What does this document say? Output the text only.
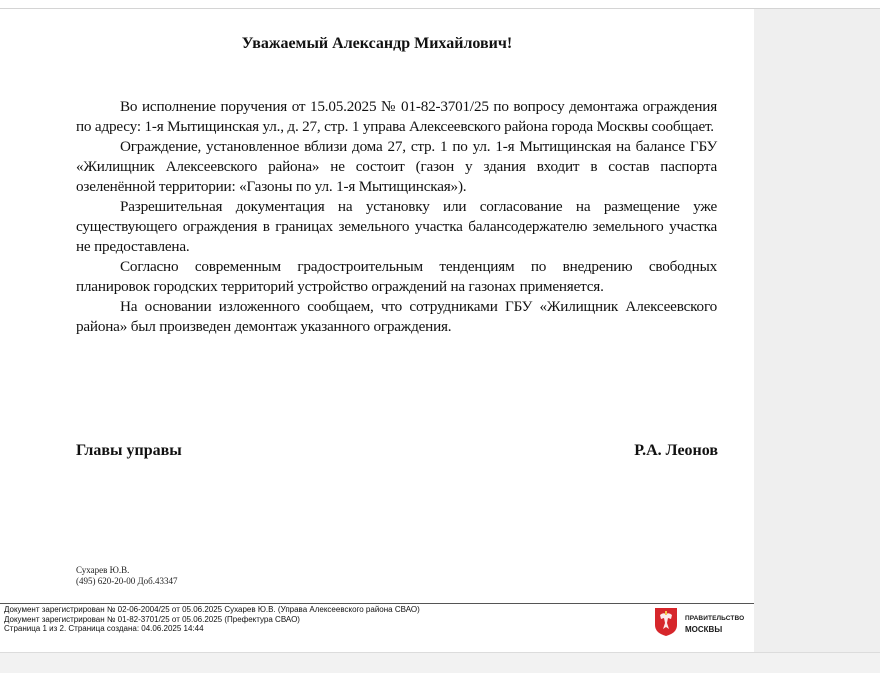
Уважаемый Александр Михайлович!

Во исполнение поручения от 15.05.2025 № 01-82-3701/25 по вопросу демонтажа ограждения по адресу: 1-я Мытищинская ул., д. 27, стр. 1 управа Алексеевского района города Москвы сообщает.

Ограждение, установленное вблизи дома 27, стр. 1 по ул. 1-я Мытищинская на балансе ГБУ «Жилищник Алексеевского района» не состоит (газон у здания входит в состав паспорта озеленённой территории: «Газоны по ул. 1-я Мытищинская»).

Разрешительная документация на установку или согласование на размещение уже существующего ограждения в границах земельного участка балансодержателю земельного участка не предоставлена.

Согласно современным градостроительным тенденциям по внедрению свободных планировок городских территорий устройство ограждений на газонах применяется.

На основании изложенного сообщаем, что сотрудниками ГБУ «Жилищник Алексеевского района» был произведен демонтаж указанного ограждения.

Главы управы	Р.А. Леонов
Сухарев Ю.В.
(495) 620-20-00 Доб.43347
Документ зарегистрирован № 02-06-2004/25 от 05.06.2025 Сухарев Ю.В. (Управа Алексеевского района СВАО)
Документ зарегистрирован № 01-82-3701/25 от 05.06.2025 (Префектура СВАО)
Страница 1 из 2. Страница создана: 04.06.2025 14:44
ПРАВИТЕЛЬСТВО
МОСКВЫ
